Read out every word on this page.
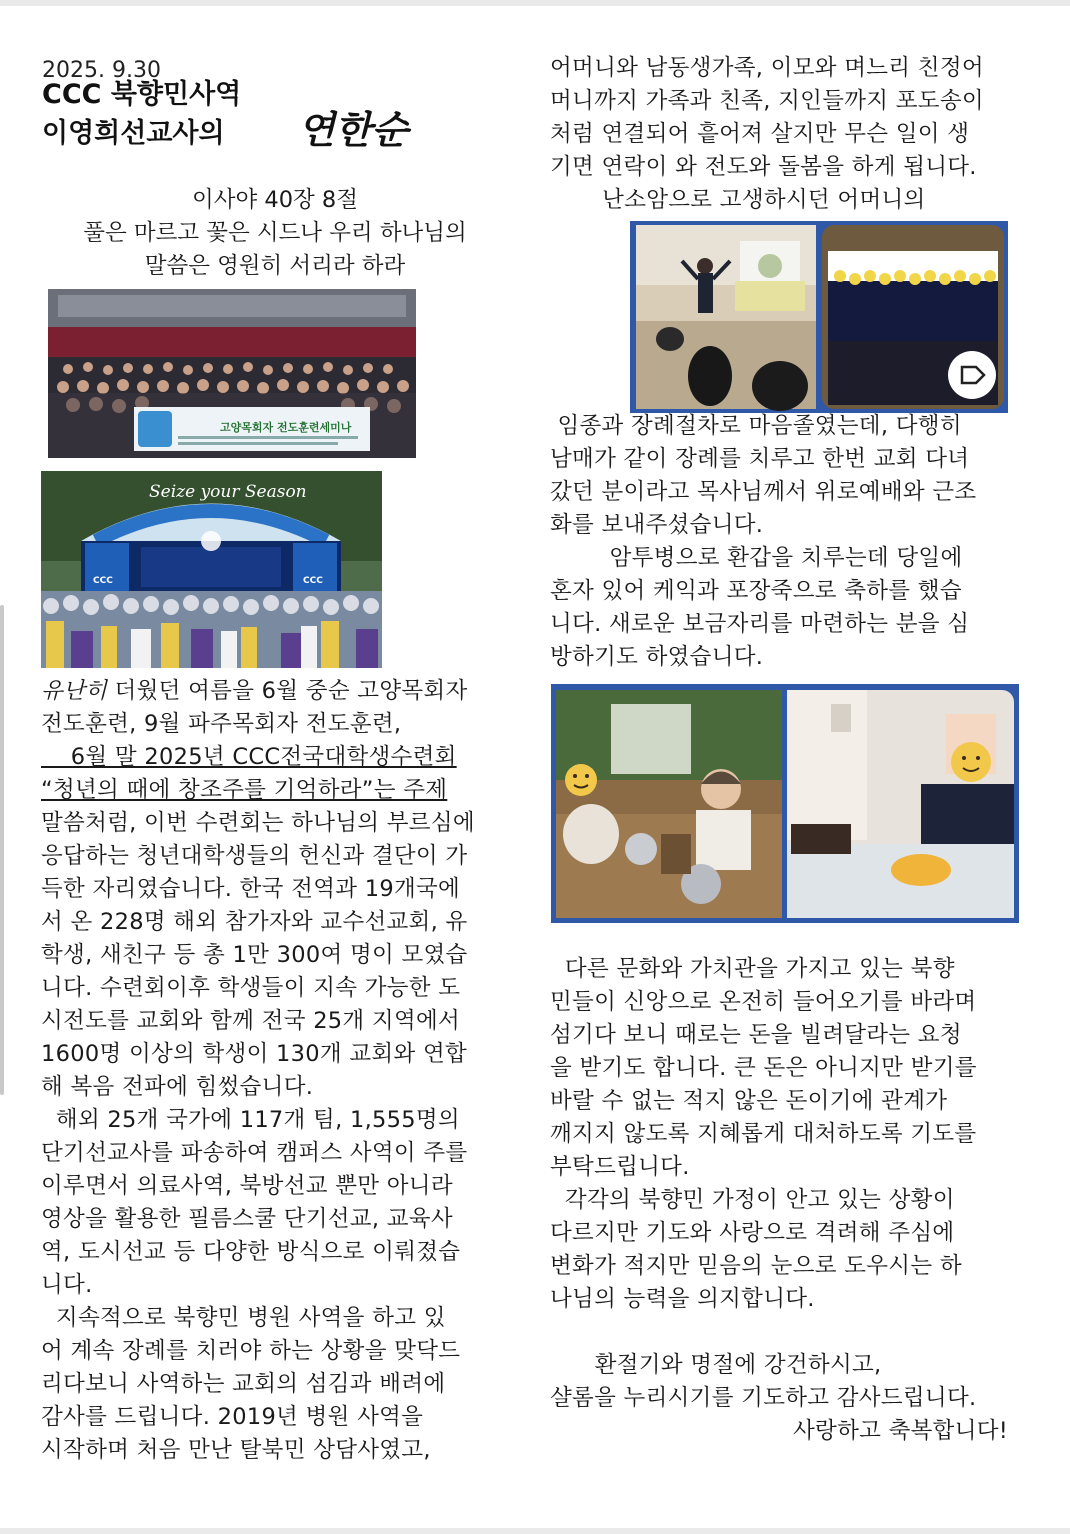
2025. 9.30
CCC 북향민사역
이영희선교사의 연한순
이사야 40장 8절
풀은 마르고 꽃은 시드나 우리 하나님의
말씀은 영원히 서리라 하라
고양목회자 전도훈련세미나
Seize your Season
CCC	CCC
유난히 더웠던 여름을 6월 중순 고양목회자
전도훈련, 9월 파주목회자 전도훈련,
6월 말 2025년 CCC전국대학생수련회
“청년의 때에 창조주를 기억하라”는 주제
말씀처럼, 이번 수련회는 하나님의 부르심에
응답하는 청년대학생들의 헌신과 결단이 가
득한 자리였습니다. 한국 전역과 19개국에
서 온 228명 해외 참가자와 교수선교회, 유
학생, 새친구 등 총 1만 300여 명이 모였습
니다. 수련회이후 학생들이 지속 가능한 도
시전도를 교회와 함께 전국 25개 지역에서
1600명 이상의 학생이 130개 교회와 연합
해 복음 전파에 힘썼습니다.
해외 25개 국가에 117개 팀, 1,555명의
단기선교사를 파송하여 캠퍼스 사역이 주를
이루면서 의료사역, 북방선교 뿐만 아니라
영상을 활용한 필름스쿨 단기선교, 교육사
역, 도시선교 등 다양한 방식으로 이뤄졌습
니다.
지속적으로 북향민 병원 사역을 하고 있
어 계속 장례를 치러야 하는 상황을 맞닥드
리다보니 사역하는 교회의 섬김과 배려에
감사를 드립니다. 2019년 병원 사역을
시작하며 처음 만난 탈북민 상담사였고,
어머니와 남동생가족, 이모와 며느리 친정어
머니까지 가족과 친족, 지인들까지 포도송이
처럼 연결되어 흩어져 살지만 무슨 일이 생
기면 연락이 와 전도와 돌봄을 하게 됩니다.
난소암으로 고생하시던 어머니의
임종과 장례절차로 마음졸였는데, 다행히
남매가 같이 장례를 치루고 한번 교회 다녀
갔던 분이라고 목사님께서 위로예배와 근조
화를 보내주셨습니다.
암투병으로 환갑을 치루는데 당일에
혼자 있어 케익과 포장죽으로 축하를 했습
니다. 새로운 보금자리를 마련하는 분을 심
방하기도 하였습니다.
다른 문화와 가치관을 가지고 있는 북향
민들이 신앙으로 온전히 들어오기를 바라며
섬기다 보니 때로는 돈을 빌려달라는 요청
을 받기도 합니다. 큰 돈은 아니지만 받기를
바랄 수 없는 적지 않은 돈이기에 관계가
깨지지 않도록 지혜롭게 대처하도록 기도를
부탁드립니다.
각각의 북향민 가정이 안고 있는 상황이
다르지만 기도와 사랑으로 격려해 주심에
변화가 적지만 믿음의 눈으로 도우시는 하
나님의 능력을 의지합니다.
환절기와 명절에 강건하시고,
샬롬을 누리시기를 기도하고 감사드립니다.
사랑하고 축복합니다!
